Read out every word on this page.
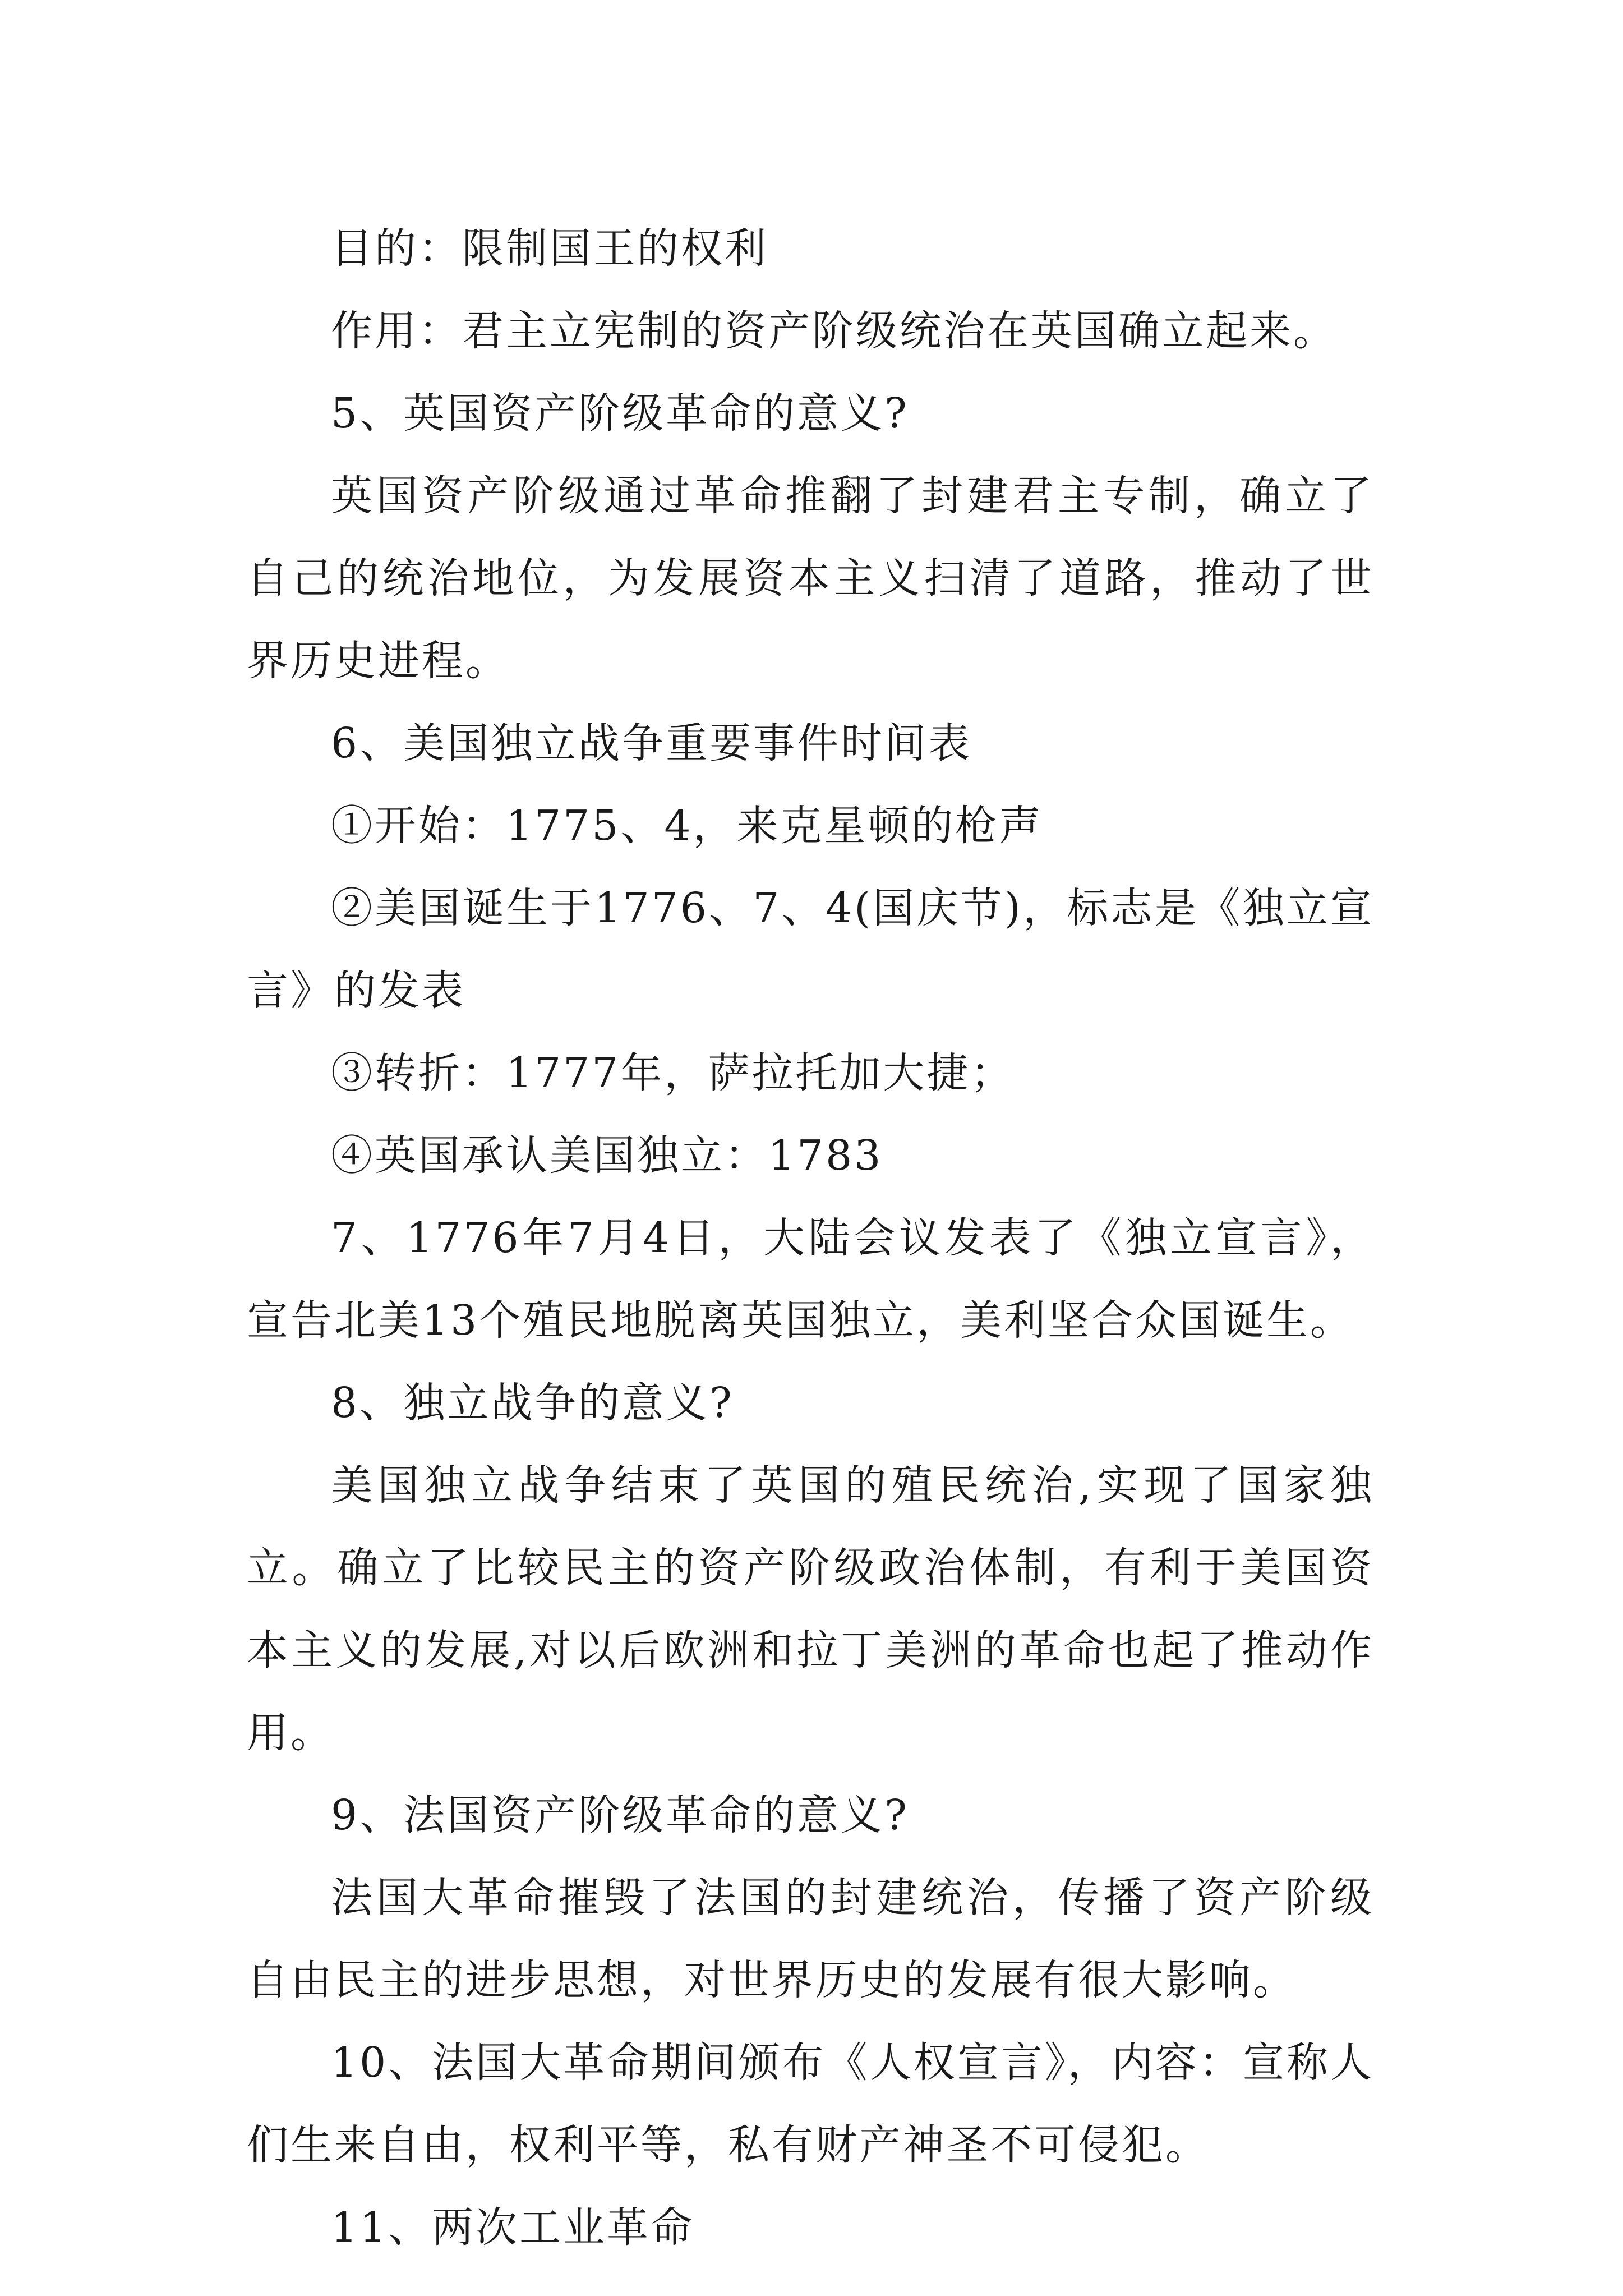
目的：限制国王的权利

作用：君主立宪制的资产阶级统治在英国确立起来。

5、英国资产阶级革命的意义?

英国资产阶级通过革命推翻了封建君主专制，确立了自己的统治地位，为发展资本主义扫清了道路，推动了世界历史进程。

6、美国独立战争重要事件时间表

①开始：1775、4，来克星顿的枪声

②美国诞生于1776、7、4(国庆节)，标志是《独立宣言》的发表

③转折：1777年，萨拉托加大捷；

④英国承认美国独立：1783

7、1776年7月4日，大陆会议发表了《独立宣言》，宣告北美13个殖民地脱离英国独立，美利坚合众国诞生。

8、独立战争的意义?

美国独立战争结束了英国的殖民统治,实现了国家独立。确立了比较民主的资产阶级政治体制，有利于美国资本主义的发展,对以后欧洲和拉丁美洲的革命也起了推动作用。

9、法国资产阶级革命的意义?

法国大革命摧毁了法国的封建统治，传播了资产阶级自由民主的进步思想，对世界历史的发展有很大影响。

10、法国大革命期间颁布《人权宣言》，内容：宣称人们生来自由，权利平等，私有财产神圣不可侵犯。

11、两次工业革命
